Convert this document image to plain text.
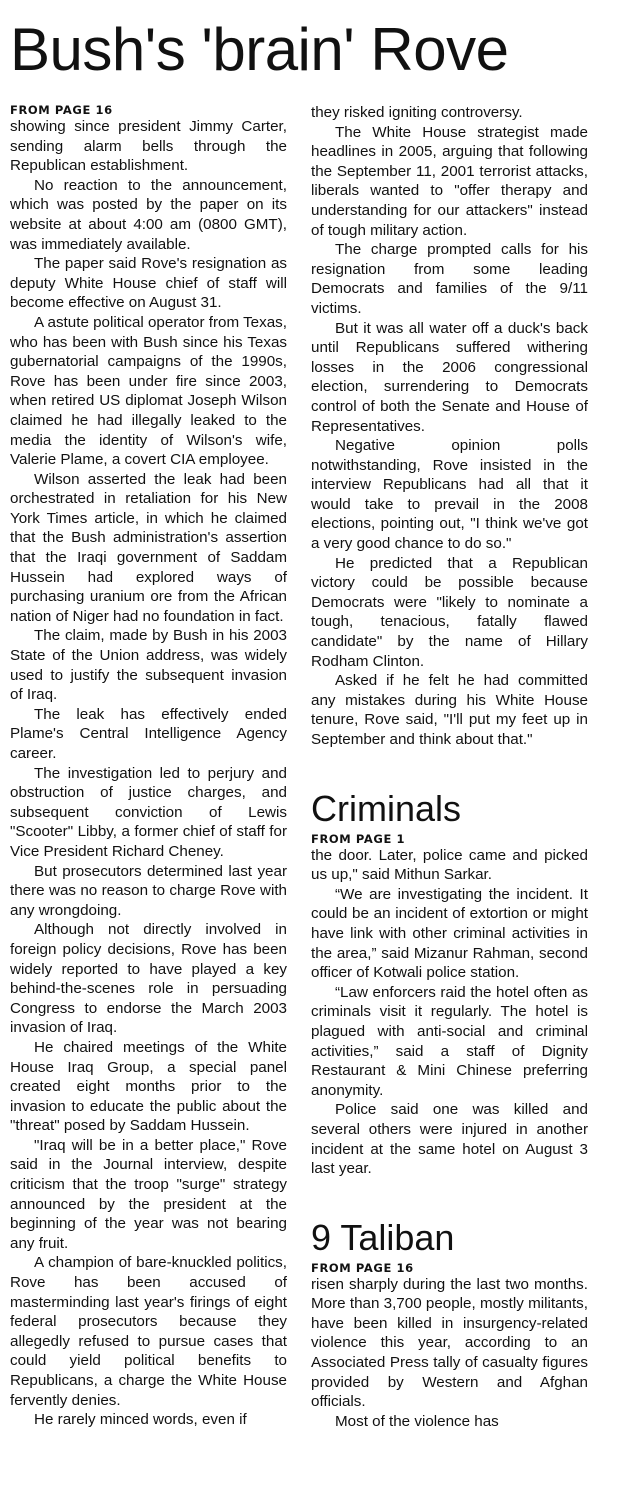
Bush's 'brain' Rove
FROM PAGE 16

showing since president Jimmy Carter, sending alarm bells through the Republican establishment.

No reaction to the announcement, which was posted by the paper on its website at about 4:00 am (0800 GMT), was immediately available.

The paper said Rove's resignation as deputy White House chief of staff will become effective on August 31.

A astute political operator from Texas, who has been with Bush since his Texas gubernatorial campaigns of the 1990s, Rove has been under fire since 2003, when retired US diplomat Joseph Wilson claimed he had illegally leaked to the media the identity of Wilson's wife, Valerie Plame, a covert CIA employee.

Wilson asserted the leak had been orchestrated in retaliation for his New York Times article, in which he claimed that the Bush administration's assertion that the Iraqi government of Saddam Hussein had explored ways of purchasing uranium ore from the African nation of Niger had no foundation in fact.

The claim, made by Bush in his 2003 State of the Union address, was widely used to justify the subsequent invasion of Iraq.

The leak has effectively ended Plame's Central Intelligence Agency career.

The investigation led to perjury and obstruction of justice charges, and subsequent conviction of Lewis "Scooter" Libby, a former chief of staff for Vice President Richard Cheney.

But prosecutors determined last year there was no reason to charge Rove with any wrongdoing.

Although not directly involved in foreign policy decisions, Rove has been widely reported to have played a key behind-the-scenes role in persuading Congress to endorse the March 2003 invasion of Iraq.

He chaired meetings of the White House Iraq Group, a special panel created eight months prior to the invasion to educate the public about the "threat" posed by Saddam Hussein.

"Iraq will be in a better place," Rove said in the Journal interview, despite criticism that the troop "surge" strategy announced by the president at the beginning of the year was not bearing any fruit.

A champion of bare-knuckled politics, Rove has been accused of masterminding last year's firings of eight federal prosecutors because they allegedly refused to pursue cases that could yield political benefits to Republicans, a charge the White House fervently denies.

He rarely minced words, even if

they risked igniting controversy.

The White House strategist made headlines in 2005, arguing that following the September 11, 2001 terrorist attacks, liberals wanted to "offer therapy and understanding for our attackers" instead of tough military action.

The charge prompted calls for his resignation from some leading Democrats and families of the 9/11 victims.

But it was all water off a duck's back until Republicans suffered withering losses in the 2006 congressional election, surrendering to Democrats control of both the Senate and House of Representatives.

Negative opinion polls notwithstanding, Rove insisted in the interview Republicans had all that it would take to prevail in the 2008 elections, pointing out, "I think we've got a very good chance to do so."

He predicted that a Republican victory could be possible because Democrats were "likely to nominate a tough, tenacious, fatally flawed candidate" by the name of Hillary Rodham Clinton.

Asked if he felt he had committed any mistakes during his White House tenure, Rove said, "I'll put my feet up in September and think about that."

Criminals
FROM PAGE 1

the door. Later, police came and picked us up," said Mithun Sarkar.

“We are investigating the incident. It could be an incident of extortion or might have link with other criminal activities in the area,” said Mizanur Rahman, second officer of Kotwali police station.

“Law enforcers raid the hotel often as criminals visit it regularly. The hotel is plagued with anti-social and criminal activities,” said a staff of Dignity Restaurant & Mini Chinese preferring anonymity.

Police said one was killed and several others were injured in another incident at the same hotel on August 3 last year.

9 Taliban
FROM PAGE 16

risen sharply during the last two months. More than 3,700 people, mostly militants, have been killed in insurgency-related violence this year, according to an Associated Press tally of casualty figures provided by Western and Afghan officials.

Most of the violence has
